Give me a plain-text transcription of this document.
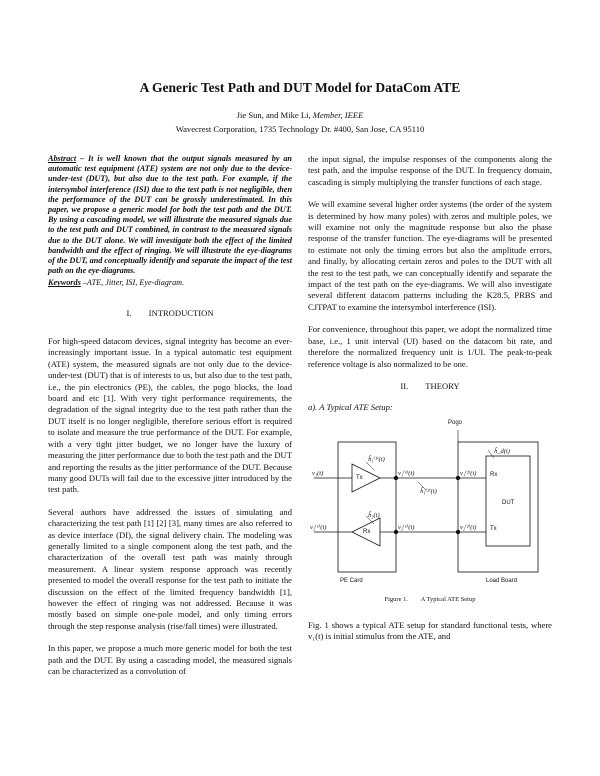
A Generic Test Path and DUT Model for DataCom ATE
Jie Sun, and Mike Li, Member, IEEE
Wavecrest Corporation, 1735 Technology Dr. #400, San Jose, CA 95110

Abstract – It is well known that the output signals measured by an automatic test equipment (ATE) system are not only due to the device-under-test (DUT), but also due to the test path. For example, if the intersymbol interference (ISI) due to the test path is not negligible, then the performance of the DUT can be grossly underestimated. In this paper, we propose a generic model for both the test path and the DUT. By using a cascading model, we will illustrate the measured signals due to the test path and DUT combined, in contrast to the measured signals due to the DUT alone. We will investigate both the effect of the limited bandwidth and the effect of ringing. We will illustrate the eye-diagrams of the DUT, and conceptually identify and separate the impact of the test path on the eye-diagrams.

Keywords –ATE, Jitter, ISI, Eye-diagram.

I.        INTRODUCTION

For high-speed datacom devices, signal integrity has become an ever-increasingly important issue. In a typical automatic test equipment (ATE) system, the measured signals are not only due to the device-under-test (DUT) that is of interests to us, but also due to the test path, i.e., the pin electronics (PE), the cables, the pogo blocks, the load board and etc [1]. With very tight performance requirements, the degradation of the signal integrity due to the test path rather than the DUT itself is no longer negligible, therefore serious effort is required to isolate and measure the true performance of the DUT. For example, with a very tight jitter budget, we no longer have the luxury of measuring the jitter performance due to both the test path and the DUT and reporting the results as the jitter performance of the DUT. Because many good DUTs will fail due to the excessive jitter introduced by the test path.

Several authors have addressed the issues of simulating and characterizing the test path [1] [2] [3], many times are also referred to as device interface (DI), the signal delivery chain. The modeling was generally limited to a single component along the test path, and the characterization of the overall test path was mainly through measurement. A linear system response approach was recently presented to model the overall response for the test path to initiate the discussion on the effect of the limited frequency bandwidth [1], however the effect of ringing was not addressed. Because it was mostly based on simple one-pole model, and only timing errors through the step response analysis (rise/fall times) were illustrated.

In this paper, we propose a much more generic model for both the test path and the DUT. By using a cascading model, the measured signals can be characterized as a convolution of

the input signal, the impulse responses of the components along the test path, and the impulse response of the DUT. In frequency domain, cascading is simply multiplying the transfer functions of each stage.

We will examine several higher order systems (the order of the system is determined by how many poles) with zeros and multiple poles, we will examine not only the magnitude response but also the phase response of the transfer function. The eye-diagrams will be presented to estimate not only the timing errors but also the amplitude errors, and finally, by allocating certain zeros and poles to the DUT with all the rest to the test path, we can conceptually identify and separate the impact of the test path on the eye-diagrams. We will also investigate several different datacom patterns including the K28.5, PRBS and CJTPAT to examine the intersymbol interference (ISI).

For convenience, throughout this paper, we adopt the normalized time base, i.e., 1 unit interval (UI) based on the datacom bit rate, and therefore the normalized frequency unit is 1/UI. The peak-to-peak reference voltage is also normalized to be one.

II.        THEORY
a). A Typical ATE Setup:
Pogo
DUT
Rx
Tx
Tx
Rx
PE Card	Load Board
v₁(t)	v₁⁽¹⁾(t)	v₁⁽²⁾(t)
ĥ₁⁽¹⁾(t)
ĥ₁⁽²⁾(t)
ĥ_d(t)
v₂⁽¹⁾(t)	v₂⁽¹⁾(t)	v₂⁽²⁾(t)
ĥ₂(t)
Figure 1.        A Typical ATE Setup

Fig. 1 shows a typical ATE setup for standard functional tests, where v₁(t) is initial stimulus from the ATE, and
